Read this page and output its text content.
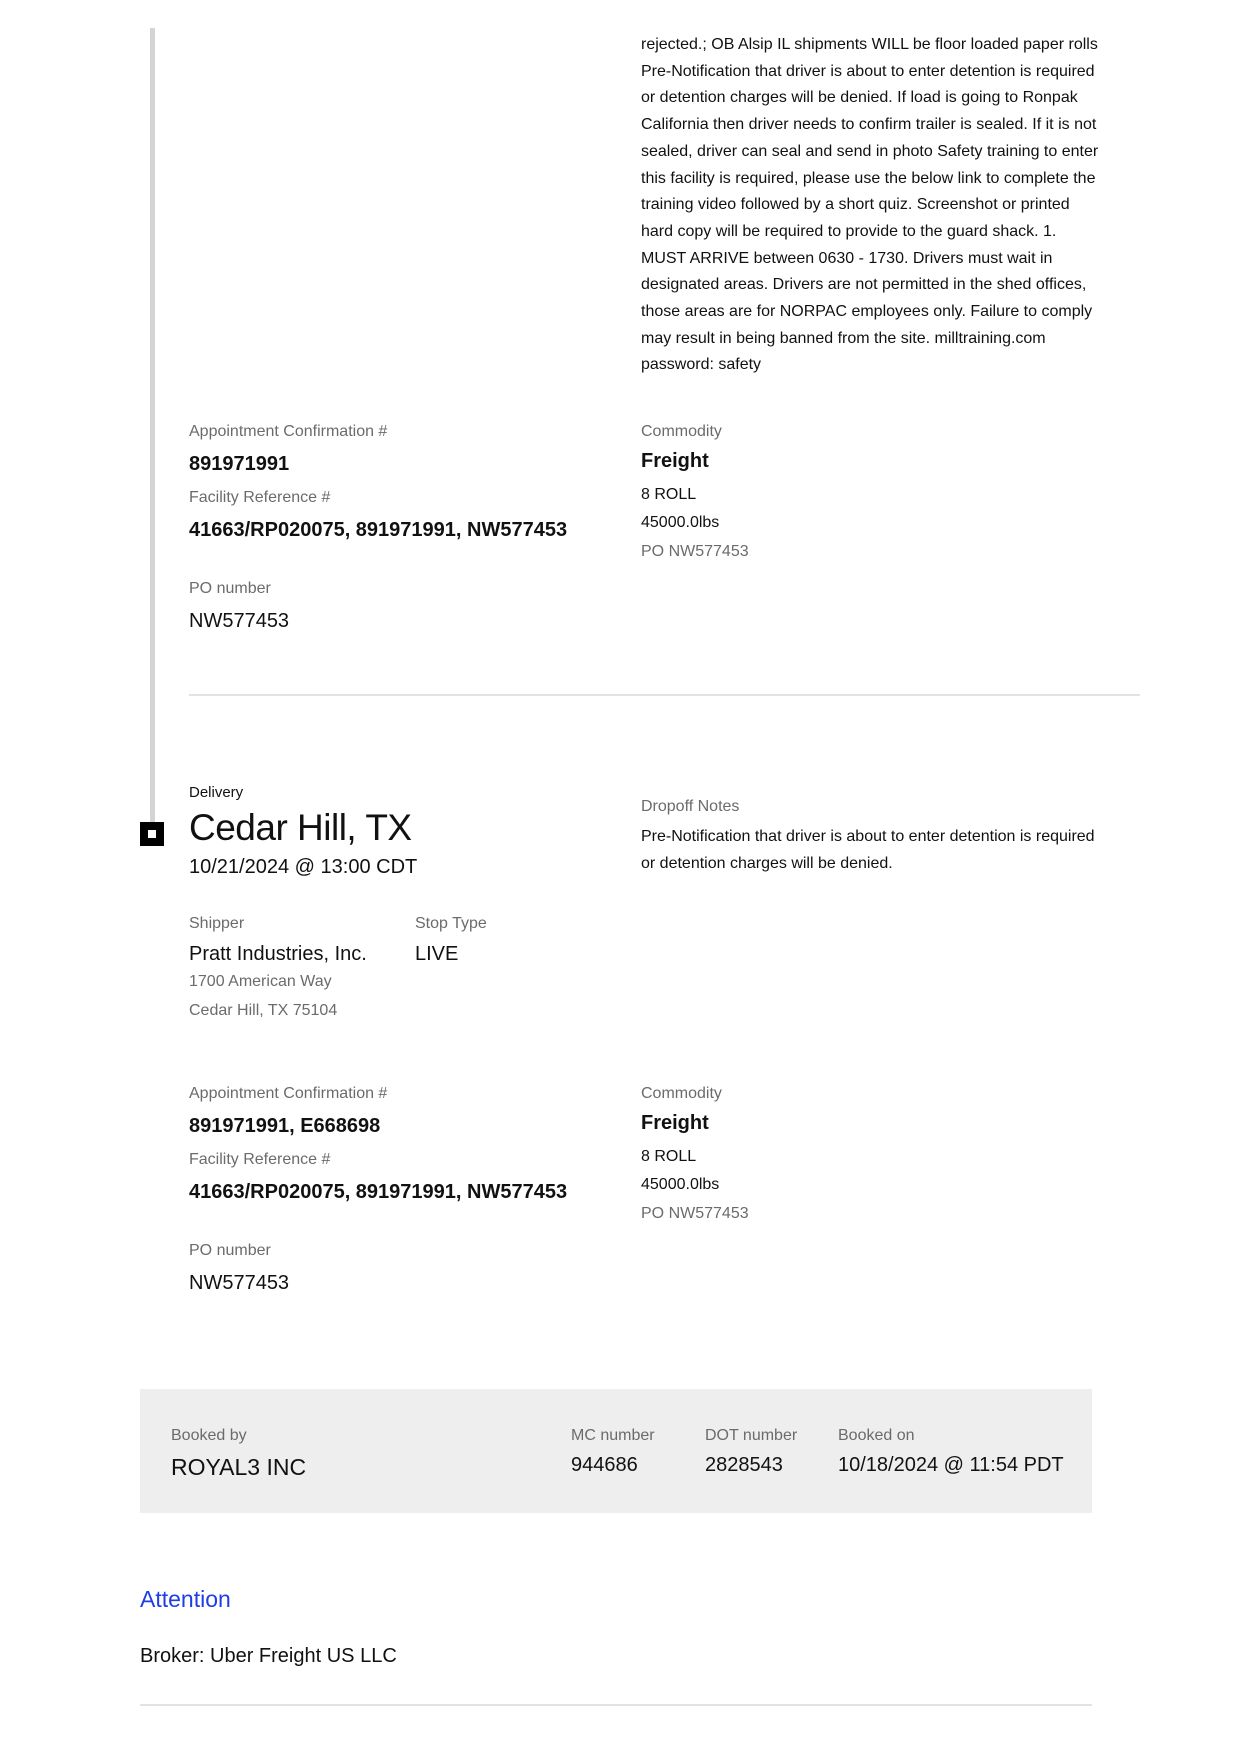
rejected.; OB Alsip IL shipments WILL be floor loaded paper rolls Pre-Notification that driver is about to enter detention is required or detention charges will be denied. If load is going to Ronpak California then driver needs to confirm trailer is sealed. If it is not sealed, driver can seal and send in photo Safety training to enter this facility is required, please use the below link to complete the training video followed by a short quiz. Screenshot or printed hard copy will be required to provide to the guard shack. 1. MUST ARRIVE between 0630 - 1730. Drivers must wait in designated areas. Drivers are not permitted in the shed offices, those areas are for NORPAC employees only. Failure to comply may result in being banned from the site. milltraining.com password: safety
Appointment Confirmation #
891971991
Facility Reference #
41663/RP020075, 891971991, NW577453
PO number
NW577453
Commodity
Freight
8 ROLL
45000.0lbs
PO NW577453
Delivery
Cedar Hill, TX
10/21/2024 @ 13:00 CDT
Dropoff Notes
Pre-Notification that driver is about to enter detention is required or detention charges will be denied.
Shipper
Pratt Industries, Inc.
1700 American Way
Cedar Hill, TX 75104
Stop Type
LIVE
Appointment Confirmation #
891971991, E668698
Facility Reference #
41663/RP020075, 891971991, NW577453
PO number
NW577453
Commodity
Freight
8 ROLL
45000.0lbs
PO NW577453
Booked by
ROYAL3 INC
MC number
944686
DOT number
2828543
Booked on
10/18/2024 @ 11:54 PDT
Attention
Broker: Uber Freight US LLC
